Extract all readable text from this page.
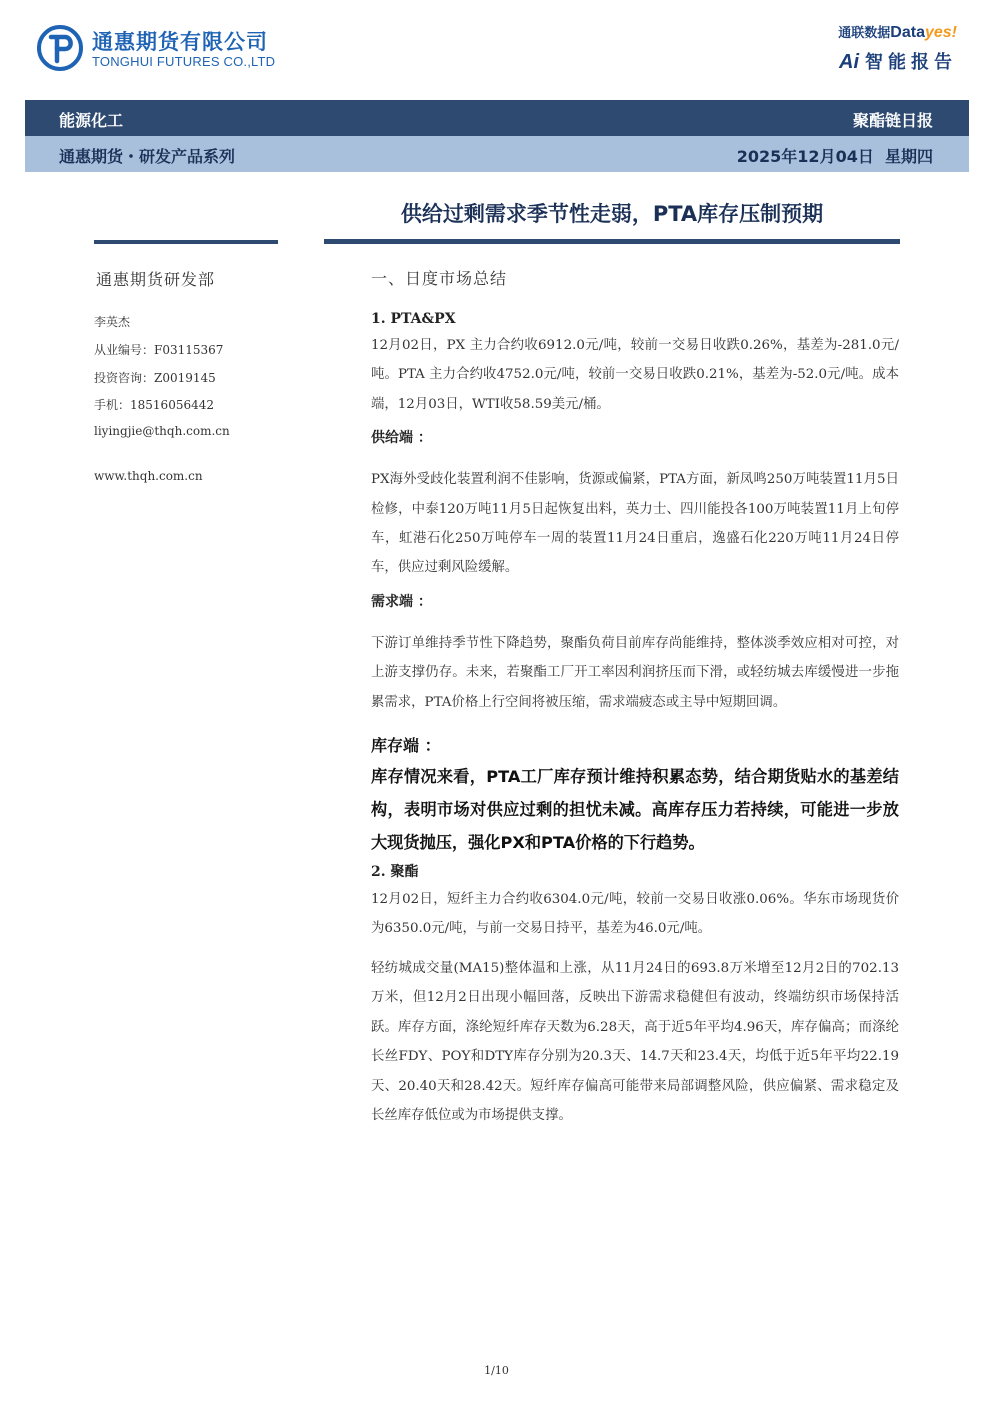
通惠期货有限公司
TONGHUI FUTURES CO.,LTD
通联数据Datayes!
Ai 智能报告
能源化工	聚酯链日报
通惠期货・研发产品系列	2025年12月04日 星期四
供给过剩需求季节性走弱，PTA库存压制预期
通惠期货研发部
李英杰
从业编号：F03115367
投资咨询：Z0019145
手机：18516056442
liyingjie@thqh.com.cn
www.thqh.com.cn
一、日度市场总结
1. PTA&PX

12月02日，PX 主力合约收6912.0元/吨，较前一交易日收跌0.26%，基差为-281.0元/吨。PTA 主力合约收4752.0元/吨，较前一交易日收跌0.21%，基差为-52.0元/吨。成本端，12月03日，WTI收58.59美元/桶。

供给端 ：

PX海外受歧化装置利润不佳影响，货源或偏紧，PTA方面，新凤鸣250万吨装置11月5日检修，中泰120万吨11月5日起恢复出料，英力士、四川能投各100万吨装置11月上旬停车，虹港石化250万吨停车一周的装置11月24日重启，逸盛石化220万吨11月24日停车，供应过剩风险缓解。

需求端 ：

下游订单维持季节性下降趋势，聚酯负荷目前库存尚能维持，整体淡季效应相对可控，对上游支撑仍存。未来，若聚酯工厂开工率因利润挤压而下滑，或轻纺城去库缓慢进一步拖累需求，PTA价格上行空间将被压缩，需求端疲态或主导中短期回调。

库存端 ：

库存情况来看，PTA工厂库存预计维持积累态势，结合期货贴水的基差结构，表明市场对供应过剩的担忧未减。高库存压力若持续，可能进一步放大现货抛压，强化PX和PTA价格的下行趋势。

2. 聚酯

12月02日，短纤主力合约收6304.0元/吨，较前一交易日收涨0.06%。华东市场现货价为6350.0元/吨，与前一交易日持平，基差为46.0元/吨。

轻纺城成交量(MA15)整体温和上涨，从11月24日的693.8万米增至12月2日的702.13万米，但12月2日出现小幅回落，反映出下游需求稳健但有波动，终端纺织市场保持活跃。库存方面，涤纶短纤库存天数为6.28天，高于近5年平均4.96天，库存偏高；而涤纶长丝FDY、POY和DTY库存分别为20.3天、14.7天和23.4天，均低于近5年平均22.19天、20.40天和28.42天。短纤库存偏高可能带来局部调整风险，供应偏紧、需求稳定及长丝库存低位或为市场提供支撑。

1/10
